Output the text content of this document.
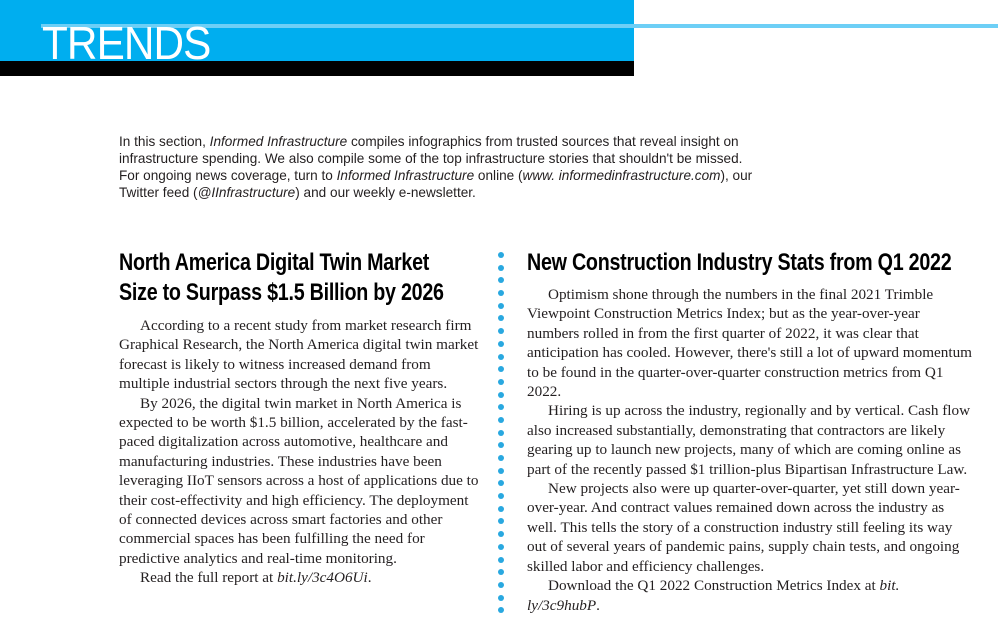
TRENDS
In this section, Informed Infrastructure compiles infographics from trusted sources that reveal insight on infrastructure spending. We also compile some of the top infrastructure stories that shouldn't be missed. For ongoing news coverage, turn to Informed Infrastructure online (www. informedinfrastructure.com), our Twitter feed (@IInfrastructure) and our weekly e-newsletter.
North America Digital Twin Market
Size to Surpass $1.5 Billion by 2026

According to a recent study from market research firm Graphical Research, the North America digital twin market forecast is likely to witness increased demand from multiple industrial sectors through the next five years.

By 2026, the digital twin market in North America is expected to be worth $1.5 billion, accelerated by the fast-paced digitalization across automotive, healthcare and manufacturing industries. These industries have been leveraging IIoT sensors across a host of applications due to their cost-effectivity and high efficiency. The deployment of connected devices across smart factories and other commercial spaces has been fulfilling the need for predictive analytics and real-time monitoring.

Read the full report at bit.ly/3c4O6Ui.

New Construction Industry Stats from Q1 2022

Optimism shone through the numbers in the final 2021 Trimble Viewpoint Construction Metrics Index; but as the year-over-year numbers rolled in from the first quarter of 2022, it was clear that anticipation has cooled. However, there's still a lot of upward momentum to be found in the quarter-over-quarter construction metrics from Q1 2022.

Hiring is up across the industry, regionally and by vertical. Cash flow also increased substantially, demonstrating that contractors are likely gearing up to launch new projects, many of which are coming online as part of the recently passed $1 trillion-plus Bipartisan Infrastructure Law.

New projects also were up quarter-over-quarter, yet still down year-over-year. And contract values remained down across the industry as well. This tells the story of a construction industry still feeling its way out of several years of pandemic pains, supply chain tests, and ongoing skilled labor and efficiency challenges.

Download the Q1 2022 Construction Metrics Index at bit. ly/3c9hubP.
